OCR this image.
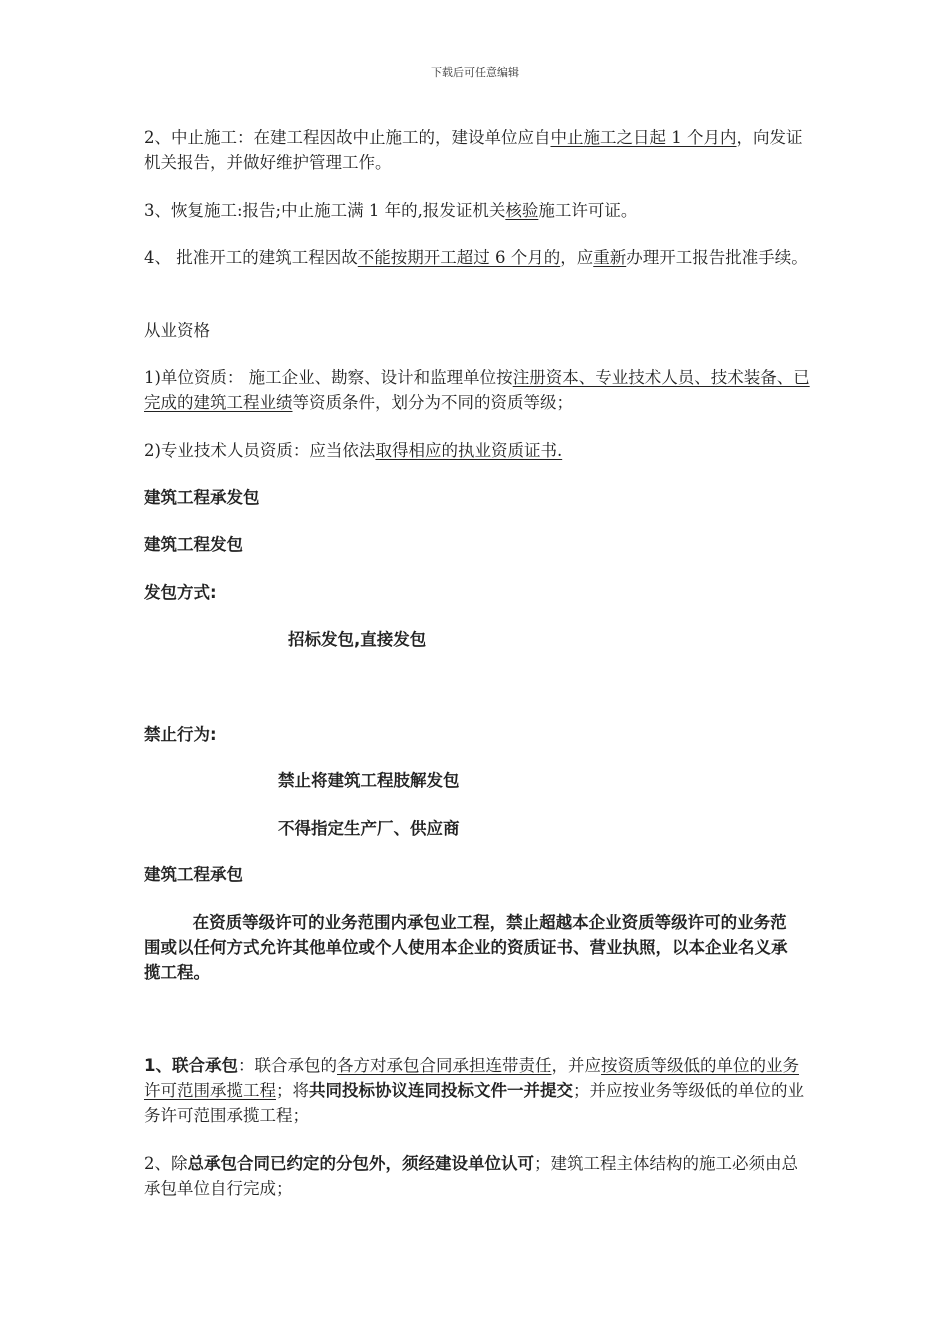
下载后可任意编辑
2、中止施工：在建工程因故中止施工的，建设单位应自中止施工之日起 1 个月内，向发证机关报告，并做好维护管理工作。
3、恢复施工:报告;中止施工满 1 年的,报发证机关核验施工许可证。
4、 批准开工的建筑工程因故不能按期开工超过 6 个月的，应重新办理开工报告批准手续。
从业资格
1)单位资质： 施工企业、勘察、设计和监理单位按注册资本、专业技术人员、技术装备、已完成的建筑工程业绩等资质条件，划分为不同的资质等级；
2)专业技术人员资质：应当依法取得相应的执业资质证书.
建筑工程承发包
建筑工程发包
发包方式:
招标发包,直接发包
禁止行为:
禁止将建筑工程肢解发包
不得指定生产厂、供应商
建筑工程承包
在资质等级许可的业务范围内承包业工程，禁止超越本企业资质等级许可的业务范围或以任何方式允许其他单位或个人使用本企业的资质证书、营业执照，以本企业名义承揽工程。
1、联合承包：联合承包的各方对承包合同承担连带责任，并应按资质等级低的单位的业务许可范围承揽工程；将共同投标协议连同投标文件一并提交；并应按业务等级低的单位的业务许可范围承揽工程；
2、除总承包合同已约定的分包外，须经建设单位认可；建筑工程主体结构的施工必须由总承包单位自行完成；
